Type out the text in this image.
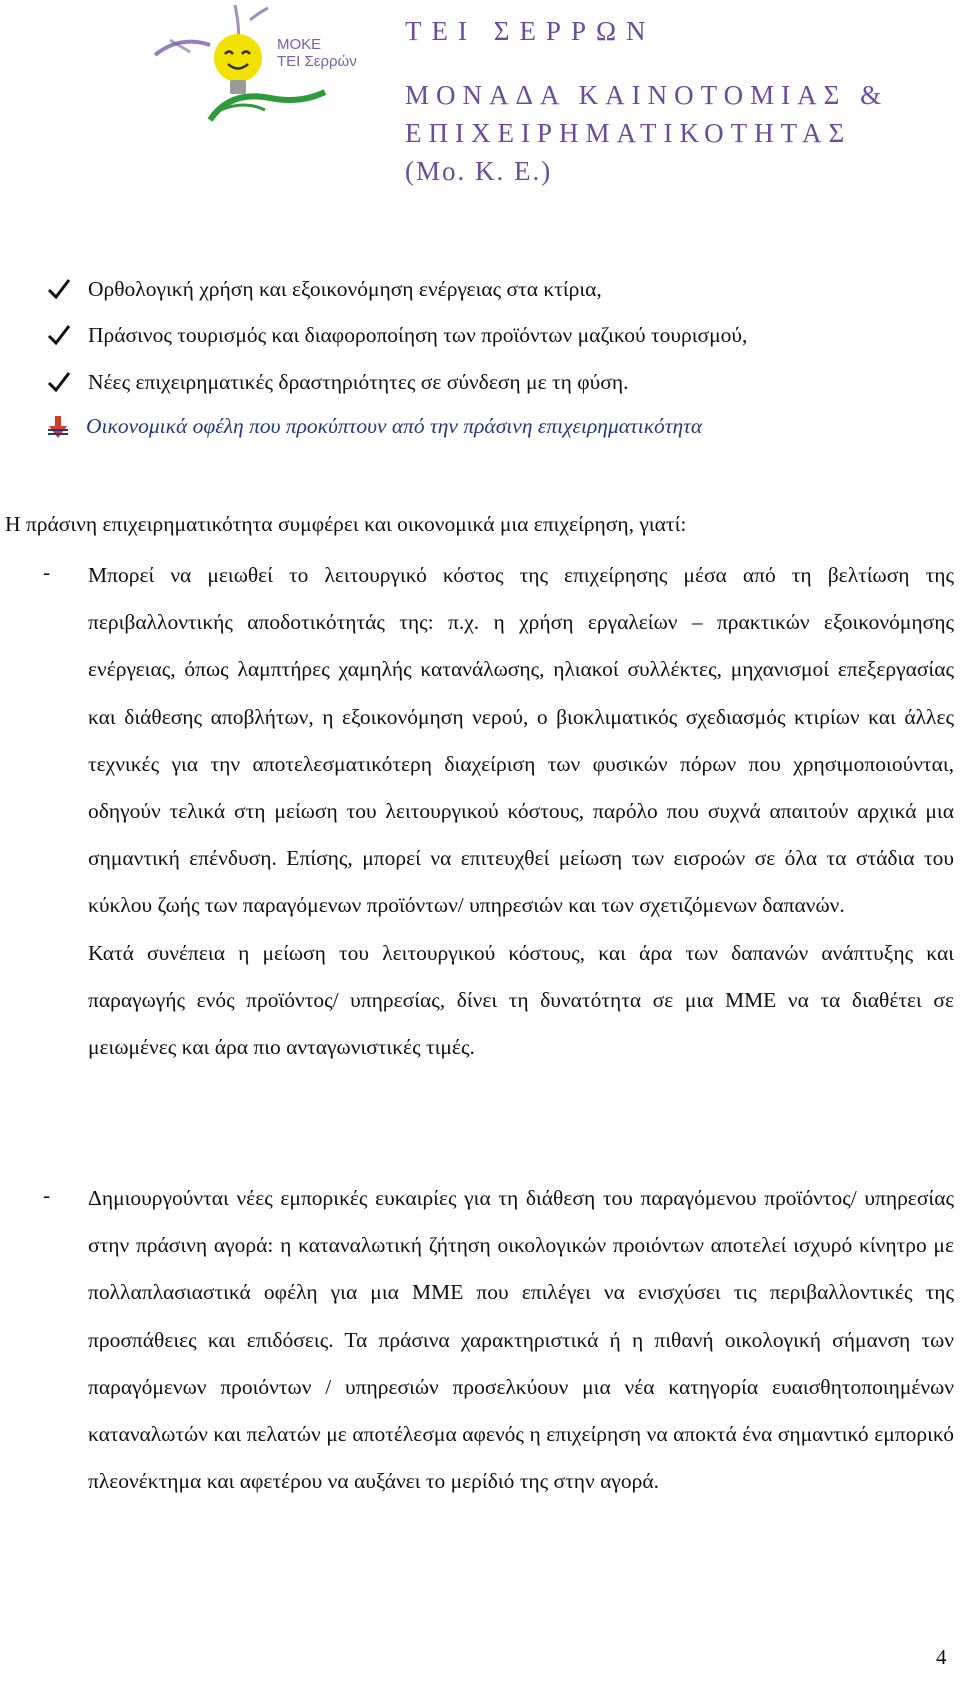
ΜΟΚΕ
ΤΕΙ Σερρών
ΤΕΙ ΣΕΡΡΩΝ
ΜΟΝΑΔΑ ΚΑΙΝΟΤΟΜΙΑΣ &
ΕΠΙΧΕΙΡΗΜΑΤΙΚΟΤΗΤΑΣ
(Μο. Κ. Ε.)
Ορθολογική χρήση και εξοικονόμηση ενέργειας στα κτίρια,
Πράσινος τουρισμός και διαφοροποίηση των προϊόντων μαζικού τουρισμού,
Νέες επιχειρηματικές δραστηριότητες σε σύνδεση με τη φύση.
Οικονομικά οφέλη που προκύπτουν από την πράσινη επιχειρηματικότητα
Η πράσινη επιχειρηματικότητα συμφέρει και οικονομικά μια επιχείρηση, γιατί:
- Μπορεί να μειωθεί το λειτουργικό κόστος της επιχείρησης μέσα από τη βελτίωση της περιβαλλοντικής αποδοτικότητάς της: π.χ. η χρήση εργαλείων – πρακτικών εξοικονόμησης ενέργειας, όπως λαμπτήρες χαμηλής κατανάλωσης, ηλιακοί συλλέκτες, μηχανισμοί επεξεργασίας και διάθεσης αποβλήτων, η εξοικονόμηση νερού, ο βιοκλιματικός σχεδιασμός κτιρίων και άλλες τεχνικές για την αποτελεσματικότερη διαχείριση των φυσικών πόρων που χρησιμοποιούνται, οδηγούν τελικά στη μείωση του λειτουργικού κόστους, παρόλο που συχνά απαιτούν αρχικά μια σημαντική επένδυση. Επίσης, μπορεί να επιτευχθεί μείωση των εισροών σε όλα τα στάδια του κύκλου ζωής των παραγόμενων προϊόντων/ υπηρεσιών και των σχετιζόμενων δαπανών.

Κατά συνέπεια η μείωση του λειτουργικού κόστους, και άρα των δαπανών ανάπτυξης και παραγωγής ενός προϊόντος/ υπηρεσίας, δίνει τη δυνατότητα σε μια ΜΜΕ να τα διαθέτει σε μειωμένες και άρα πιο ανταγωνιστικές τιμές.

- Δημιουργούνται νέες εμπορικές ευκαιρίες για τη διάθεση του παραγόμενου προϊόντος/ υπηρεσίας στην πράσινη αγορά: η καταναλωτική ζήτηση οικολογικών προιόντων αποτελεί ισχυρό κίνητρο με πολλαπλασιαστικά οφέλη για μια ΜΜΕ που επιλέγει να ενισχύσει τις περιβαλλοντικές της προσπάθειες και επιδόσεις. Τα πράσινα χαρακτηριστικά ή η πιθανή οικολογική σήμανση των παραγόμενων προιόντων / υπηρεσιών προσελκύουν μια νέα κατηγορία ευαισθητοποιημένων καταναλωτών και πελατών με αποτέλεσμα αφενός η επιχείρηση να αποκτά ένα σημαντικό εμπορικό πλεονέκτημα και αφετέρου να αυξάνει το μερίδιό της στην αγορά.

4
